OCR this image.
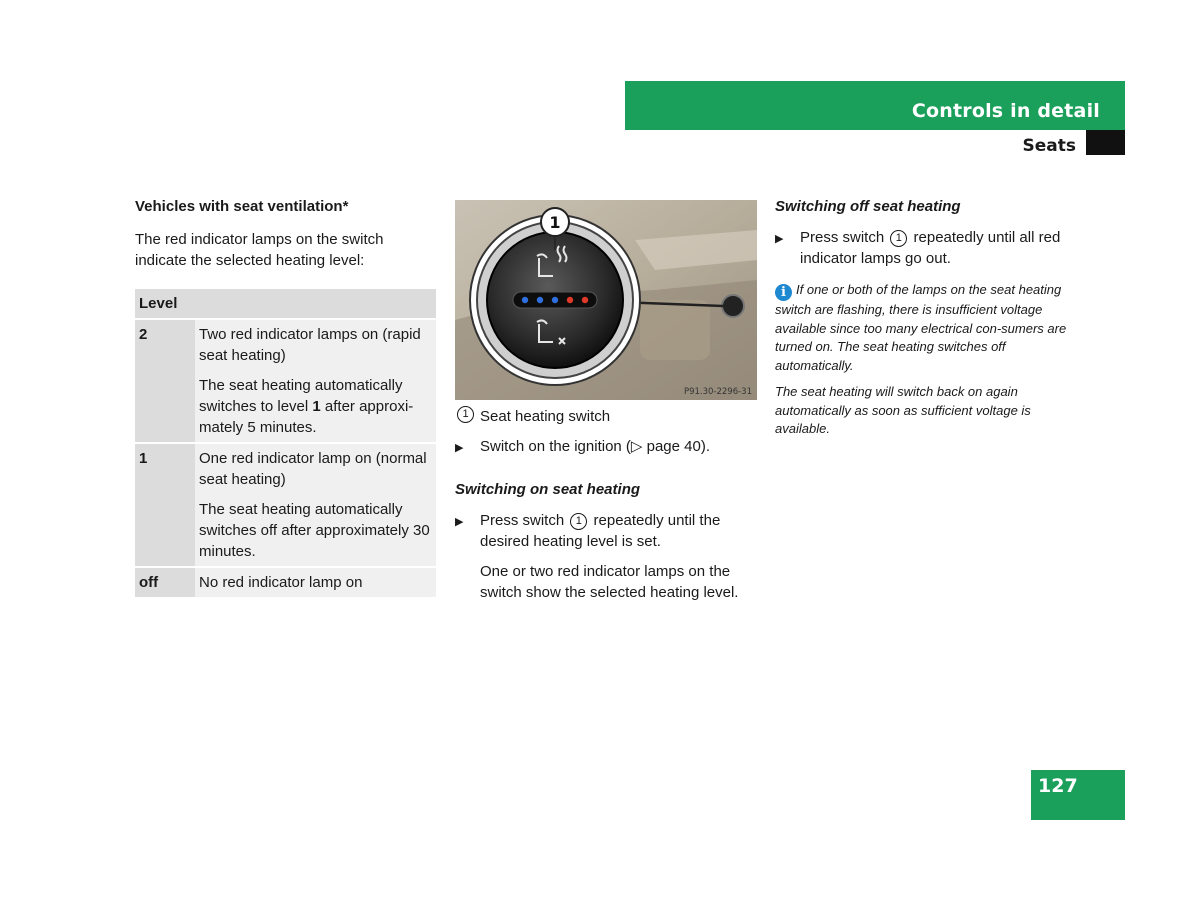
Controls in detail
Seats
Vehicles with seat ventilation*

The red indicator lamps on the switch indicate the selected heating level:

Level	
2	Two red indicator lamps on (rapid seat heating)

The seat heating automatically switches to level 1 after approxi-mately 5 minutes.

1	One red indicator lamp on (normal seat heating)

The seat heating automatically switches off after approximately 30 minutes.

off	No red indicator lamp on

1
P91.30-2296-31
1 Seat heating switch
▶	Switch on the ignition (▷ page 40).
Switching on seat heating
▶	Press switch 1 repeatedly until the desired heating level is set.

One or two red indicator lamps on the switch show the selected heating level.

Switching off seat heating
▶	Press switch 1 repeatedly until all red indicator lamps go out.

i If one or both of the lamps on the seat heating switch are flashing, there is insufficient voltage available since too many electrical con-sumers are turned on. The seat heating switches off automatically.

The seat heating will switch back on again automatically as soon as sufficient voltage is available.

127
